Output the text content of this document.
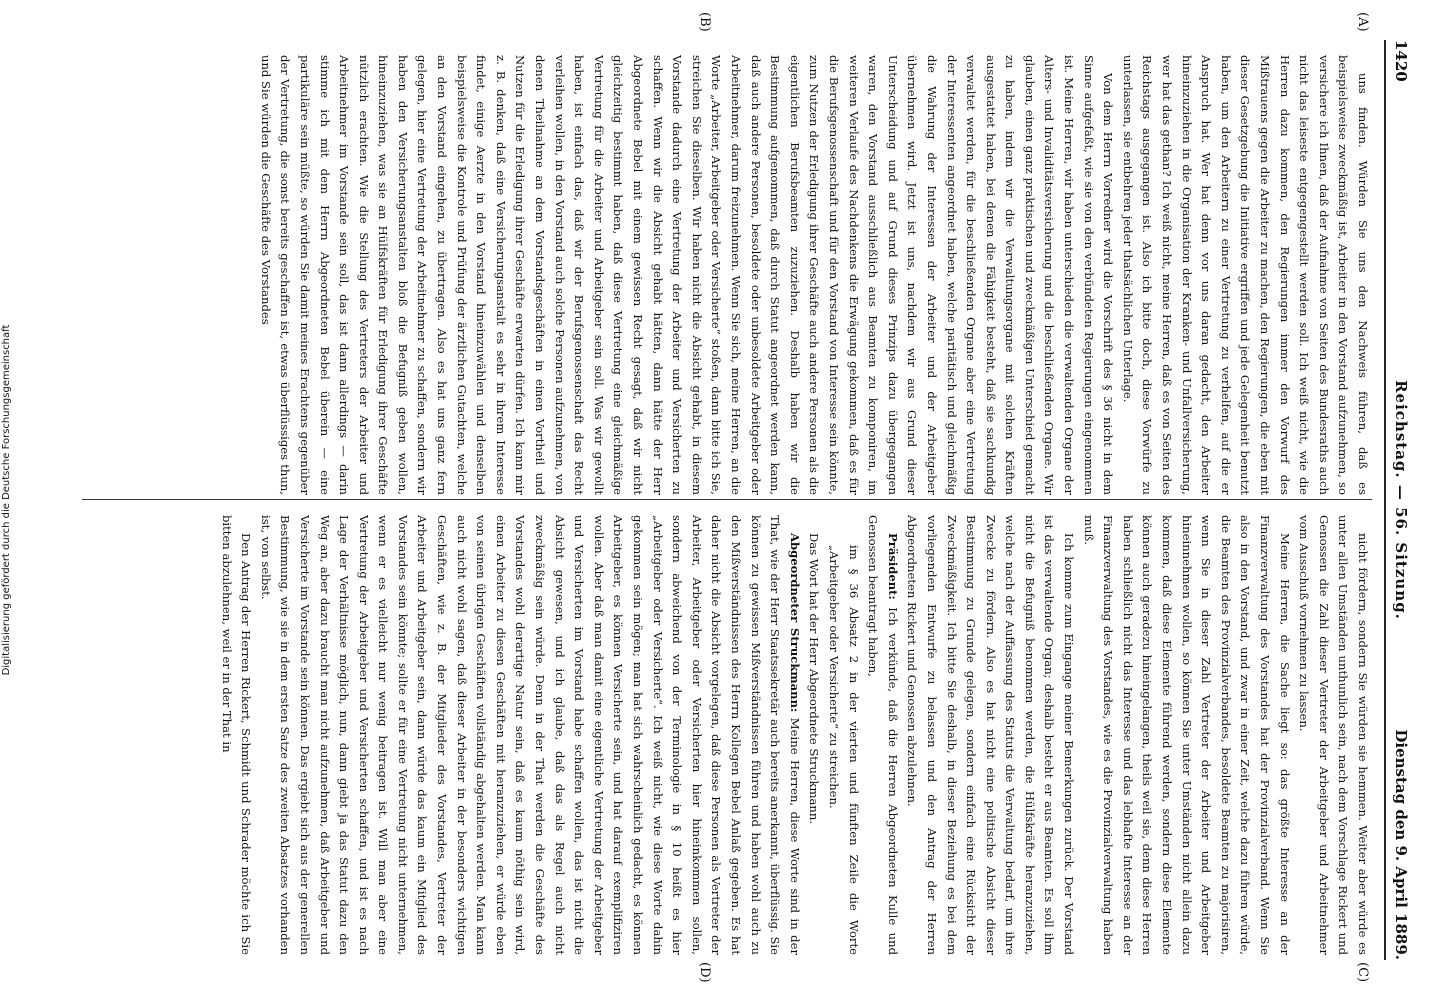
1420
Reichstag. — 56. Sitzung.
Dienstag den 9. April 1889.
(A)
(B)
(C)
(D)

uns finden. Würden Sie uns den Nachweis führen, daß es beispielsweise zweckmäßig ist, Arbeiter in den Vorstand aufzunehmen, so versichere ich Ihnen, daß der Aufnahme von Seiten des Bundesraths auch nicht das leiseste entgegengestellt werden soll. Ich weiß nicht, wie die Herren dazu kommen, den Regierungen immer den Vorwurf des Mißtrauens gegen die Arbeiter zu machen, den Regierungen, die eben mit dieser Gesetzgebung die Initiative ergriffen und jede Gelegenheit benutzt haben, um den Arbeitern zu einer Vertretung zu verhelfen, auf die er Anspruch hat. Wer hat denn vor uns daran gedacht, den Arbeiter hineinzuziehen in die Organisation der Kranken- und Unfallversicherung, wer hat das gethan? Ich weiß nicht, meine Herren, daß es von Seiten des Reichstags ausgegangen ist. Also ich bitte doch, diese Vorwürfe zu unterlassen, sie entbehren jeder thatsächlichen Unterlage.

Von dem Herrn Vorredner wird die Vorschrift des § 36 nicht in dem Sinne aufgefaßt, wie sie von den verbündeten Regierungen eingenommen ist. Meine Herren, wir haben unterschieden die verwaltenden Organe der Alters- und Invaliditätsversicherung und die beschließenden Organe. Wir glauben, einen ganz praktischen und zweckmäßigen Unterschied gemacht zu haben, indem wir die Verwaltungsorgane mit solchen Kräften ausgestattet haben, bei denen die Fähigkeit besteht, daß sie sachkundig verwaltet werden, für die beschließenden Organe aber eine Vertretung der Interessenten angeordnet haben, welche paritätisch und gleichmäßig die Wahrung der Interessen der Arbeiter und der Arbeitgeber übernehmen wird. Jetzt ist uns, nachdem wir aus Grund dieser Unterscheidung und auf Grund dieses Prinzips dazu übergegangen waren, den Vorstand ausschließlich aus Beamten zu komponiren, im weiteren Verlaufe des Nachdenkens die Erwägung gekommen, daß es für die Berufsgenossenschaft und für den Vorstand von Interesse sein könnte, zum Nutzen der Erledigung ihrer Geschäfte auch andere Personen als die eigentlichen Berufsbeamten zuzuziehen. Deshalb haben wir die Bestimmung aufgenommen, daß durch Statut angeordnet werden kann, daß auch andere Personen, besoldete oder unbesoldete Arbeitgeber oder Arbeitnehmer, darum freizunehmen. Wenn Sie sich, meine Herren, an die Worte „Arbeiter, Arbeitgeber oder Versicherte“ stoßen, dann bitte ich Sie, streichen Sie dieselben. Wir haben nicht die Absicht gehabt, in diesem Vorstande dadurch eine Vertretung der Arbeiter und Versicherten zu schaffen. Wenn wir die Absicht gehabt hätten, dann hätte der Herr Abgeordnete Bebel mit einem gewissen Recht gesagt, daß wir nicht gleichzeitig bestimmt haben, daß diese Vertretung eine gleichmäßige Vertretung für die Arbeiter und Arbeitgeber sein soll. Was wir gewollt haben, ist einfach das, daß wir der Berufsgenossenschaft das Recht verleihen wollen, in den Vorstand auch solche Personen aufzunehmen, von denen Theilnahme an dem Vorstandsgeschäften in einen Vortheil und Nutzen für die Erledigung ihrer Geschäfte erwarten dürfen. Ich kann mir z. B. denken, daß eine Versicherungsanstalt es sehr in ihrem Interesse findet, einige Aerzte in den Vorstand hineinzuwählen und denselben beispielsweise die Kontrole und Prüfung der ärztlichen Gutachten, welche an den Vorstand eingehen, zu übertragen. Also es hat uns ganz fern gelegen, hier eine Vertretung der Arbeitnehmer zu schaffen, sondern wir haben den Versicherungsanstalten bloß die Befugniß geben wollen, hineinzuziehen, was sie an Hülfskräften für Erledigung ihrer Geschäfte nützlich erachten. Wie die Stellung des Vertreters der Arbeiter und Arbeitnehmer im Vorstande sein soll, das ist dann allerdings — darin stimme ich mit dem Herrn Abgeordneten Bebel überein — eine partikuläre sein müßte, so würden Sie damit meines Erachtens gegenüber der Vertretung, die sonst bereits geschaffen ist, etwas überflüssiges thun, und Sie würden die Geschäfte des Vorstandes

nicht fördern, sondern Sie würden sie hemmen. Weiter aber würde es unter allen Umständen unthunlich sein, nach dem Vorschlage Rickert und Genossen die Zahl dieser Vertreter der Arbeitgeber und Arbeitnehmer vom Ausschuß vornehmen zu lassen.

Meine Herren, die Sache liegt so: das größte Interesse an der Finanzverwaltung des Vorstandes hat der Provinzialverband. Wenn Sie also in den Vorstand, und zwar in einer Zeit, welche dazu führen würde, die Beamten des Provinzialverbandes, besoldete Beamten zu majorisiren, wenn Sie in dieser Zahl Vertreter der Arbeiter und Arbeitgeber hineinnehmen wollen, so können Sie unter Umständen nicht allein dazu kommen, daß diese Elemente führend werden, sondern diese Elemente können auch geradezu hineingelangen, theils weil sie, denn diese Herren haben schließlich nicht das Interesse und das lebhafte Interesse an der Finanzverwaltung des Vorstandes, wie es die Provinzialverwaltung haben muß.

Ich komme zum Eingange meiner Bemerkungen zurück. Der Vorstand ist das verwaltende Organ; deshalb besteht er aus Beamten. Es soll ihm nicht die Befugniß benommen werden, die Hülfskräfte heranzuziehen, welche nach der Auffassung des Statuts die Verwaltung bedarf, um ihre Zwecke zu fördern. Also es hat nicht eine politische Absicht dieser Bestimmung zu Grunde gelegen, sondern einfach eine Rücksicht der Zweckmäßigkeit. Ich bitte Sie deshalb, in dieser Beziehung es bei dem vorliegenden Entwurfe zu belassen und den Antrag der Herren Abgeordneten Rickert und Genossen abzulehnen.

Präsident: Ich verkünde, daß die Herren Abgeordneten Kulle und Genossen beantragt haben,

im § 36 Absatz 2 in der vierten und fünften Zeile die Worte „Arbeitgeber oder Versicherte“ zu streichen.

Das Wort hat der Herr Abgeordnete Struckmann.

Abgeordneter Struckmann: Meine Herren, diese Worte sind in der That, wie der Herr Staatssekretär auch bereits anerkannt, überflüssig. Sie können zu gewissen Mißverständnissen führen und haben wohl auch zu den Mißverständnissen des Herrn Kollegen Bebel Anlaß gegeben. Es hat daher nicht die Absicht vorgelegen, daß diese Personen als Vertreter der Arbeiter, Arbeitgeber oder Versicherten hier hineinkommen sollen, sondern abweichend von der Terminologie in § 10 heißt es hier „Arbeitgeber oder Versicherte“. Ich weiß nicht, wie diese Worte dahin gekommen sein mögen; man hat sich wahrscheinlich gedacht, es können Arbeitgeber, es können Versicherte sein, und hat darauf exemplifiziren wollen. Aber daß man damit eine eigentliche Vertretung der Arbeitgeber und Versicherten im Vorstand habe schaffen wollen, das ist nicht die Absicht gewesen, und ich glaube, daß das als Regel auch nicht zweckmäßig sein würde. Denn in der That werden die Geschäfte des Vorstandes wohl derartige Natur sein, daß es kaum nöthig sein wird, einen Arbeiter zu diesen Geschäften mit heranzuziehen, er würde eben von seinen übrigen Geschäften vollständig abgehalten werden. Man kann auch nicht wohl sagen, daß dieser Arbeiter in der besonders wichtigen Geschäften, wie z. B. der Mitglieder des Vorstandes, Vertreter der Arbeiter und Arbeitgeber sein, dann würde das kaum ein Mitglied des Vorstandes sein könnte; sollte er für eine Vertretung nicht unternehmen, wenn er es vielleicht nur wenig beitragen ist. Will man aber eine Vertretung der Arbeitgeber und Versicherten schaffen, und ist es nach Lage der Verhältnisse möglich, nun, dann giebt ja das Statut dazu den Weg an, aber dazu braucht man nicht aufzunehmen, daß Arbeitgeber und Versicherte im Vorstande sein können. Das ergiebt sich aus der generellen Bestimmung, wie sie in dem ersten Satze des zweiten Absatzes vorhanden ist, von selbst.

Den Antrag der Herren Rickert, Schmidt und Schrader möchte ich Sie bitten abzulehnen, weil er in der That in

Digitalisierung gefördert durch die Deutsche Forschungsgemeinschaft
